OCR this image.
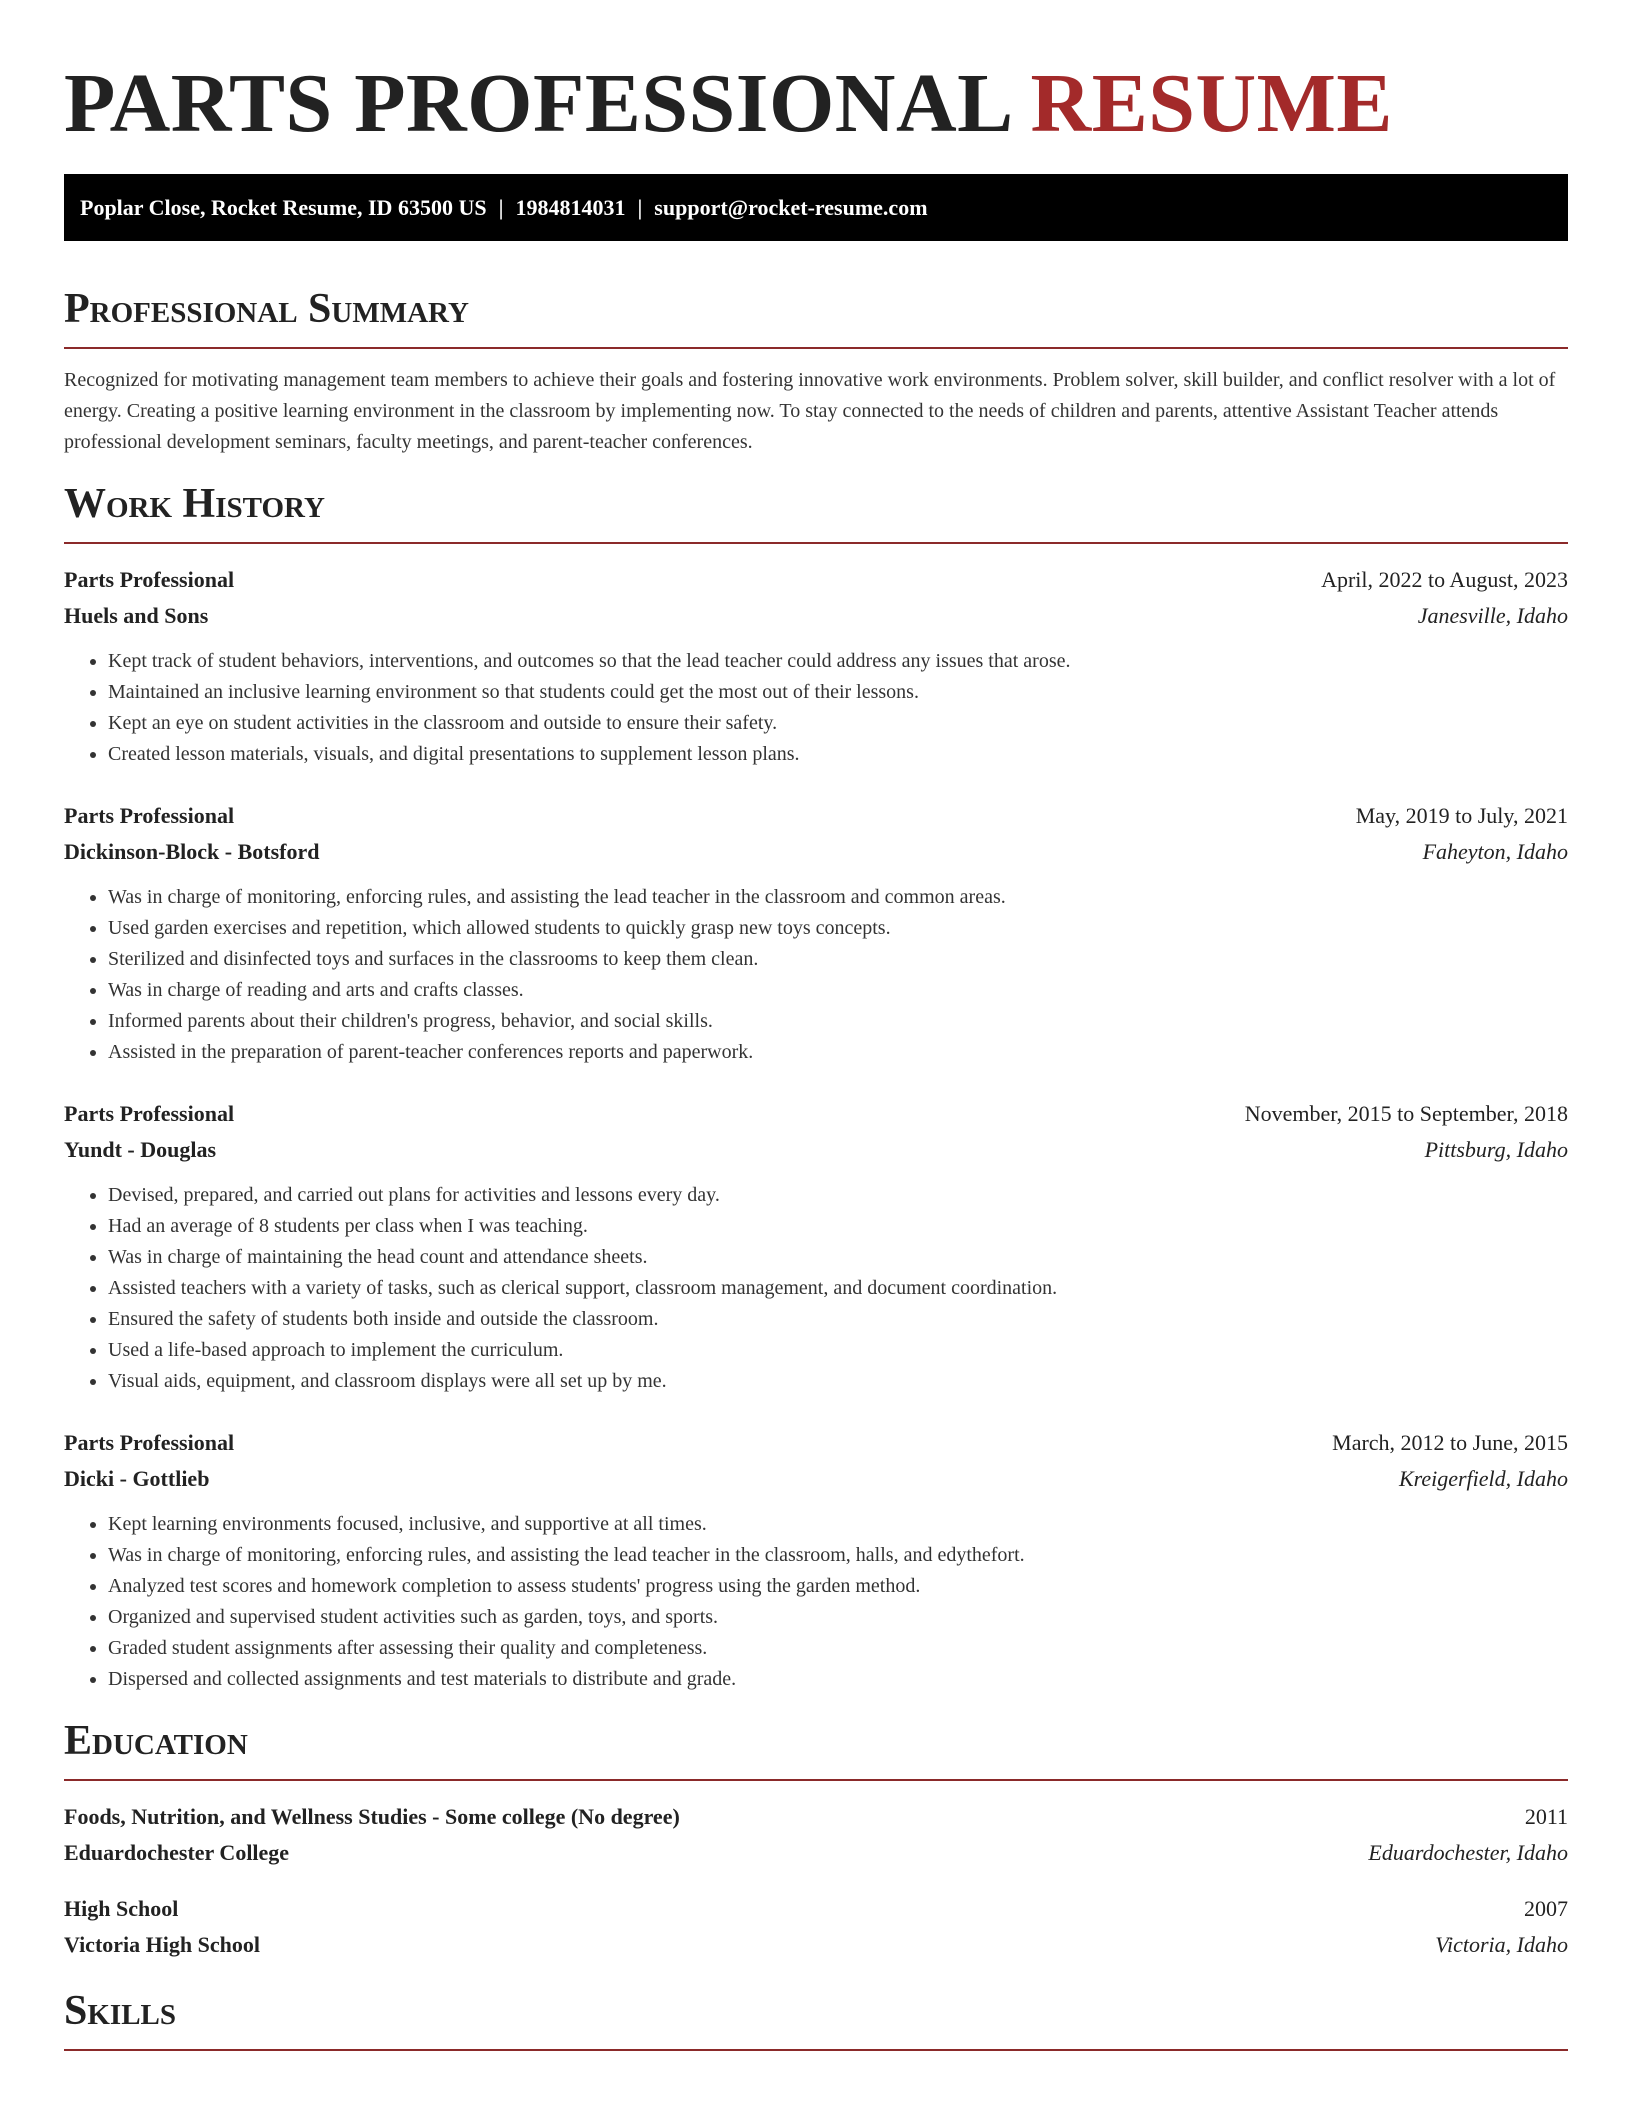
PARTS PROFESSIONAL RESUME
Poplar Close, Rocket Resume, ID 63500 US | 1984814031 | support@rocket-resume.com
Professional Summary

Recognized for motivating management team members to achieve their goals and fostering innovative work environments. Problem solver, skill builder, and conflict resolver with a lot of energy. Creating a positive learning environment in the classroom by implementing now. To stay connected to the needs of children and parents, attentive Assistant Teacher attends professional development seminars, faculty meetings, and parent-teacher conferences.

Work History
Parts Professional	April, 2022 to August, 2023
Huels and Sons	Janesville, Idaho
• Kept track of student behaviors, interventions, and outcomes so that the lead teacher could address any issues that arose.
• Maintained an inclusive learning environment so that students could get the most out of their lessons.
• Kept an eye on student activities in the classroom and outside to ensure their safety.
• Created lesson materials, visuals, and digital presentations to supplement lesson plans.
Parts Professional	May, 2019 to July, 2021
Dickinson-Block - Botsford	Faheyton, Idaho
• Was in charge of monitoring, enforcing rules, and assisting the lead teacher in the classroom and common areas.
• Used garden exercises and repetition, which allowed students to quickly grasp new toys concepts.
• Sterilized and disinfected toys and surfaces in the classrooms to keep them clean.
• Was in charge of reading and arts and crafts classes.
• Informed parents about their children's progress, behavior, and social skills.
• Assisted in the preparation of parent-teacher conferences reports and paperwork.
Parts Professional	November, 2015 to September, 2018
Yundt - Douglas	Pittsburg, Idaho
• Devised, prepared, and carried out plans for activities and lessons every day.
• Had an average of 8 students per class when I was teaching.
• Was in charge of maintaining the head count and attendance sheets.
• Assisted teachers with a variety of tasks, such as clerical support, classroom management, and document coordination.
• Ensured the safety of students both inside and outside the classroom.
• Used a life-based approach to implement the curriculum.
• Visual aids, equipment, and classroom displays were all set up by me.
Parts Professional	March, 2012 to June, 2015
Dicki - Gottlieb	Kreigerfield, Idaho
• Kept learning environments focused, inclusive, and supportive at all times.
• Was in charge of monitoring, enforcing rules, and assisting the lead teacher in the classroom, halls, and edythefort.
• Analyzed test scores and homework completion to assess students' progress using the garden method.
• Organized and supervised student activities such as garden, toys, and sports.
• Graded student assignments after assessing their quality and completeness.
• Dispersed and collected assignments and test materials to distribute and grade.
Education
Foods, Nutrition, and Wellness Studies - Some college (No degree)	2011
Eduardochester College	Eduardochester, Idaho
High School	2007
Victoria High School	Victoria, Idaho
Skills
